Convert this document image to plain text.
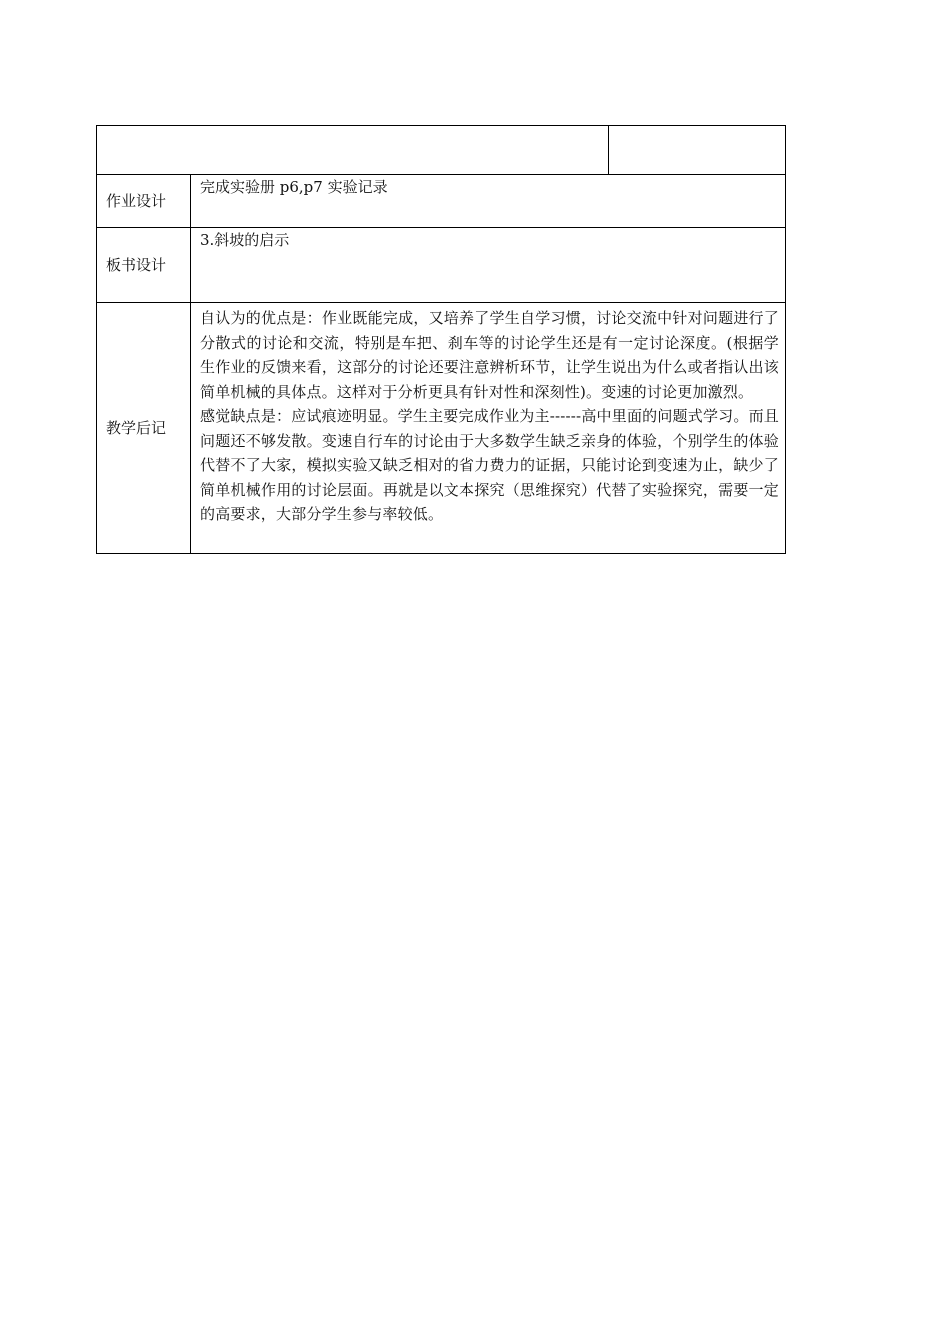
作业设计	完成实验册 p6,p7 实验记录	
板书设计	3.斜坡的启示	
教学后记	自认为的优点是：作业既能完成，又培养了学生自学习惯，讨论交流中针对问题进行了分散式的讨论和交流，特别是车把、刹车等的讨论学生还是有一定讨论深度。(根据学生作业的反馈来看，这部分的讨论还要注意辨析环节，让学生说出为什么或者指认出该简单机械的具体点。这样对于分析更具有针对性和深刻性)。变速的讨论更加激烈。

感觉缺点是：应试痕迹明显。学生主要完成作业为主------高中里面的问题式学习。而且问题还不够发散。变速自行车的讨论由于大多数学生缺乏亲身的体验，个别学生的体验代替不了大家，模拟实验又缺乏相对的省力费力的证据，只能讨论到变速为止，缺少了简单机械作用的讨论层面。再就是以文本探究（思维探究）代替了实验探究，需要一定的高要求，大部分学生参与率较低。	
